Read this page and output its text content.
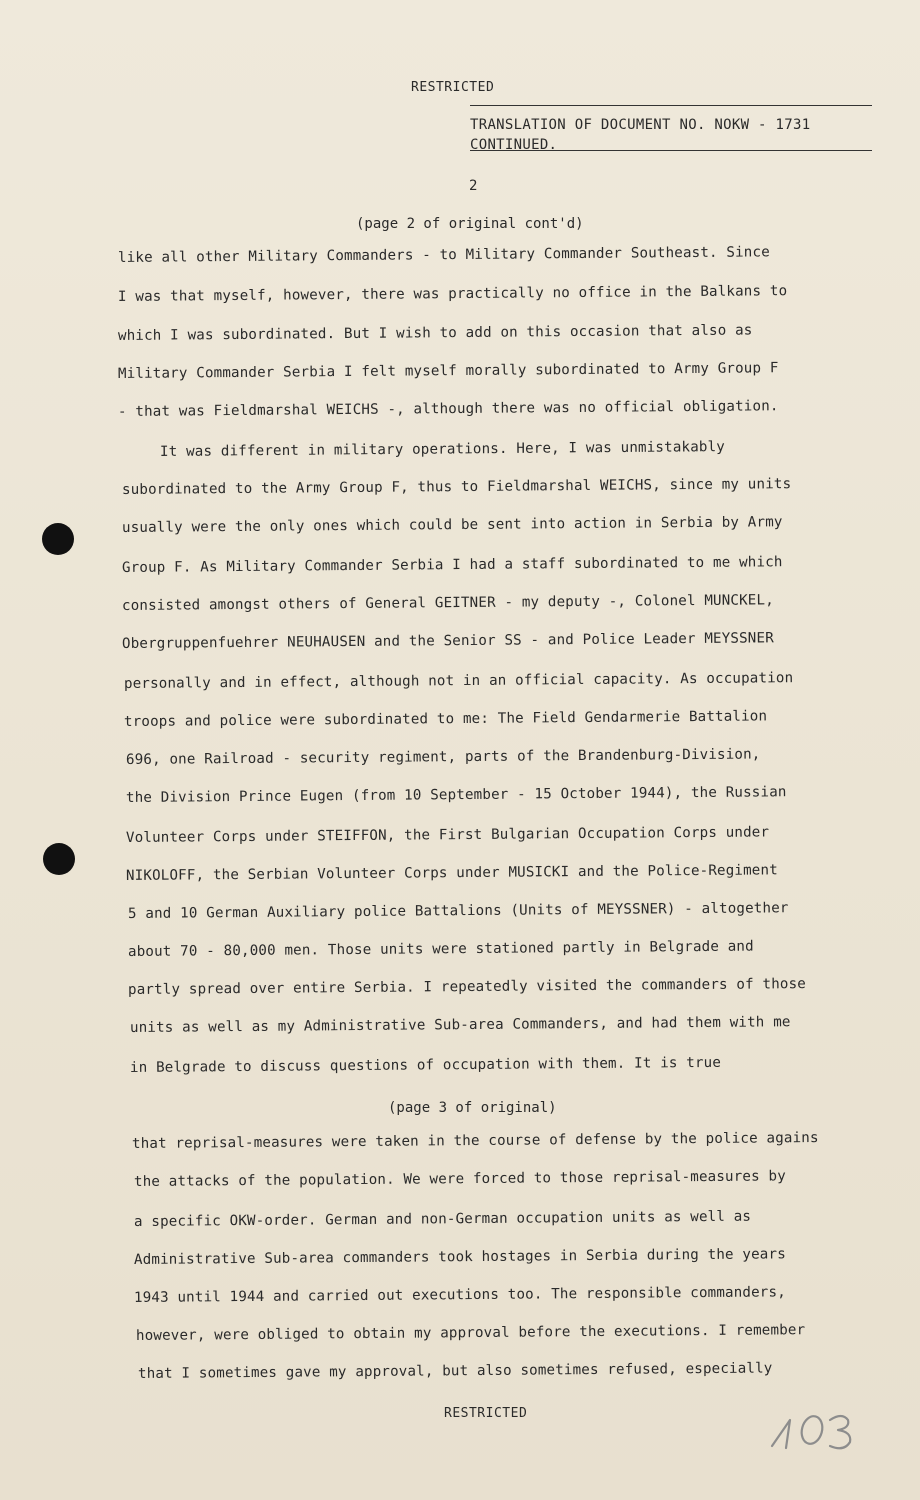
RESTRICTED
TRANSLATION OF DOCUMENT NO. NOKW - 1731
CONTINUED.
2
(page 2 of original cont'd)
like all other Military Commanders - to Military Commander Southeast. Since
I was that myself, however, there was practically no office in the Balkans to
which I was subordinated. But I wish to add on this occasion that also as
Military Commander Serbia I felt myself morally subordinated to Army Group F
- that was Fieldmarshal WEICHS -, although there was no official obligation.
It was different in military operations. Here, I was unmistakably
subordinated to the Army Group F, thus to Fieldmarshal WEICHS, since my units
usually were the only ones which could be sent into action in Serbia by Army
Group F. As Military Commander Serbia I had a staff subordinated to me which
consisted amongst others of General GEITNER - my deputy -, Colonel MUNCKEL,
Obergruppenfuehrer NEUHAUSEN and the Senior SS - and Police Leader MEYSSNER
personally and in effect, although not in an official capacity. As occupation
troops and police were subordinated to me: The Field Gendarmerie Battalion
696, one Railroad - security regiment, parts of the Brandenburg-Division,
the Division Prince Eugen (from 10 September - 15 October 1944), the Russian
Volunteer Corps under STEIFFON, the First Bulgarian Occupation Corps under
NIKOLOFF, the Serbian Volunteer Corps under MUSICKI and the Police-Regiment
5 and 10 German Auxiliary police Battalions (Units of MEYSSNER) - altogether
about 70 - 80,000 men. Those units were stationed partly in Belgrade and
partly spread over entire Serbia. I repeatedly visited the commanders of those
units as well as my Administrative Sub-area Commanders, and had them with me
in Belgrade to discuss questions of occupation with them. It is true
(page 3 of original)
that reprisal-measures were taken in the course of defense by the police agains
the attacks of the population. We were forced to those reprisal-measures by
a specific OKW-order. German and non-German occupation units as well as
Administrative Sub-area commanders took hostages in Serbia during the years
1943 until 1944 and carried out executions too. The responsible commanders,
however, were obliged to obtain my approval before the executions. I remember
that I sometimes gave my approval, but also sometimes refused, especially
RESTRICTED
